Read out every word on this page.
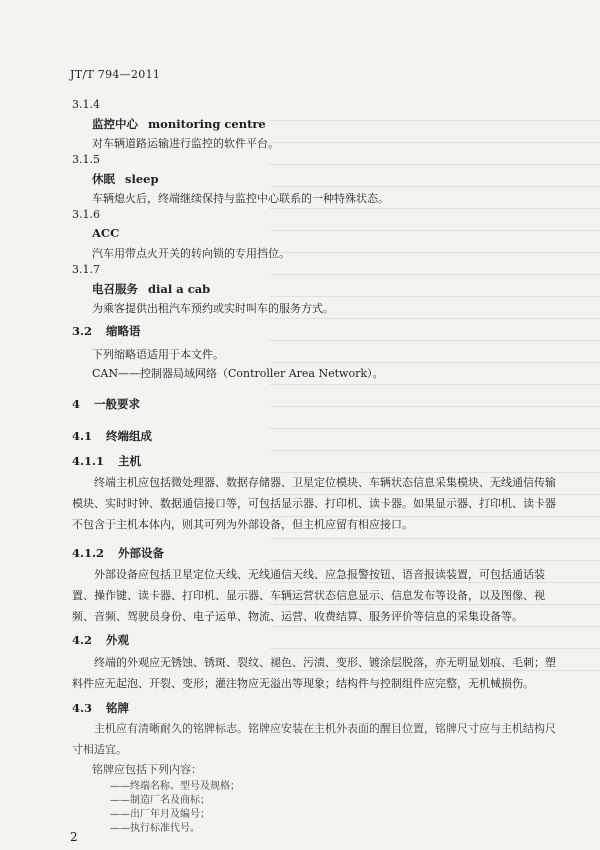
JT/T 794—2011
3.1.4
监控中心 monitoring centre
对车辆道路运输进行监控的软件平台。
3.1.5
休眠 sleep
车辆熄火后，终端继续保持与监控中心联系的一种特殊状态。
3.1.6
ACC
汽车用带点火开关的转向锁的专用挡位。
3.1.7
电召服务 dial a cab
为乘客提供出租汽车预约或实时叫车的服务方式。
3.2 缩略语
下列缩略语适用于本文件。
CAN——控制器局域网络（Controller Area Network）。
4 一般要求
4.1 终端组成
4.1.1 主机
终端主机应包括微处理器、数据存储器、卫星定位模块、车辆状态信息采集模块、无线通信传输模块、实时时钟、数据通信接口等，可包括显示器、打印机、读卡器。如果显示器、打印机、读卡器不包含于主机本体内，则其可列为外部设备，但主机应留有相应接口。
4.1.2 外部设备
外部设备应包括卫星定位天线、无线通信天线、应急报警按钮、语音报读装置，可包括通话装置、操作键、读卡器、打印机、显示器、车辆运营状态信息显示、信息发布等设备，以及图像、视频、音频、驾驶员身份、电子运单、物流、运营、收费结算、服务评价等信息的采集设备等。
4.2 外观
终端的外观应无锈蚀、锈斑、裂纹、褪色、污渍、变形、镀涂层脱落，亦无明显划痕、毛刺；塑料件应无起泡、开裂、变形；灌注物应无溢出等现象；结构件与控制组件应完整，无机械损伤。
4.3 铭牌
主机应有清晰耐久的铭牌标志。铭牌应安装在主机外表面的醒目位置，铭牌尺寸应与主机结构尺寸相适宜。
铭牌应包括下列内容：
——终端名称、型号及规格；
——制造厂名及商标；
——出厂年月及编号；
——执行标准代号。
2
